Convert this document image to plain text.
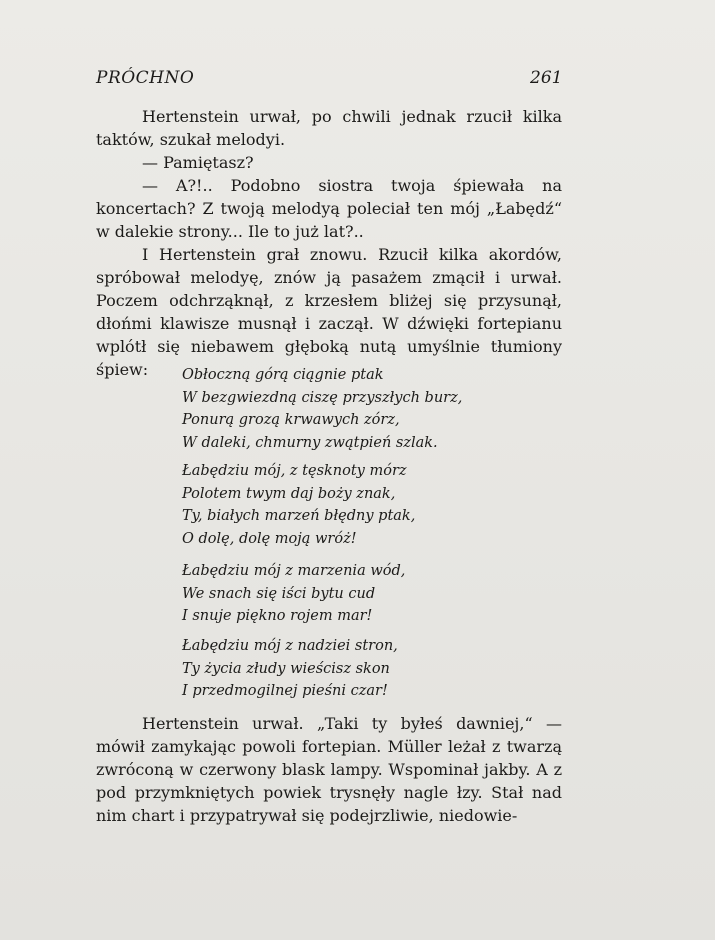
PRÓCHNO	261

Hertenstein urwał, po chwili jednak rzucił kilka taktów, szukał melodyi.

— Pamiętasz?

— A?!.. Podobno siostra twoja śpiewała na koncertach? Z twoją melodyą poleciał ten mój „Łabędź“ w dalekie strony... Ile to już lat?..

I Hertenstein grał znowu. Rzucił kilka akordów, spróbował melodyę, znów ją pasażem zmącił i urwał. Poczem odchrząknął, z krzesłem bliżej się przysunął, dłońmi klawisze musnął i zaczął. W dźwięki fortepianu wplótł się niebawem głęboką nutą umyślnie tłumiony śpiew:	Obłoczną górą ciągnie ptak
W bezgwiezdną ciszę przyszłych burz,
Ponurą grozą krwawych zórz,
W daleki, chmurny zwątpień szlak.
Łabędziu mój, z tęsknoty mórz
Polotem twym daj boży znak,
Ty, białych marzeń błędny ptak,
O dolę, dolę moją wróż!
Łabędziu mój z marzenia wód,
We snach się iści bytu cud
I snuje piękno rojem mar!
Łabędziu mój z nadziei stron,
Ty życia złudy wieścisz skon
I przedmogilnej pieśni czar!

Hertenstein urwał. „Taki ty byłeś dawniej,“ — mówił zamykając powoli fortepian. Müller leżał z twarzą zwróconą w czerwony blask lampy. Wspominał jakby. A z pod przymkniętych powiek trysnęły nagle łzy. Stał nad nim chart i przypatrywał się podejrzliwie, niedowie-
